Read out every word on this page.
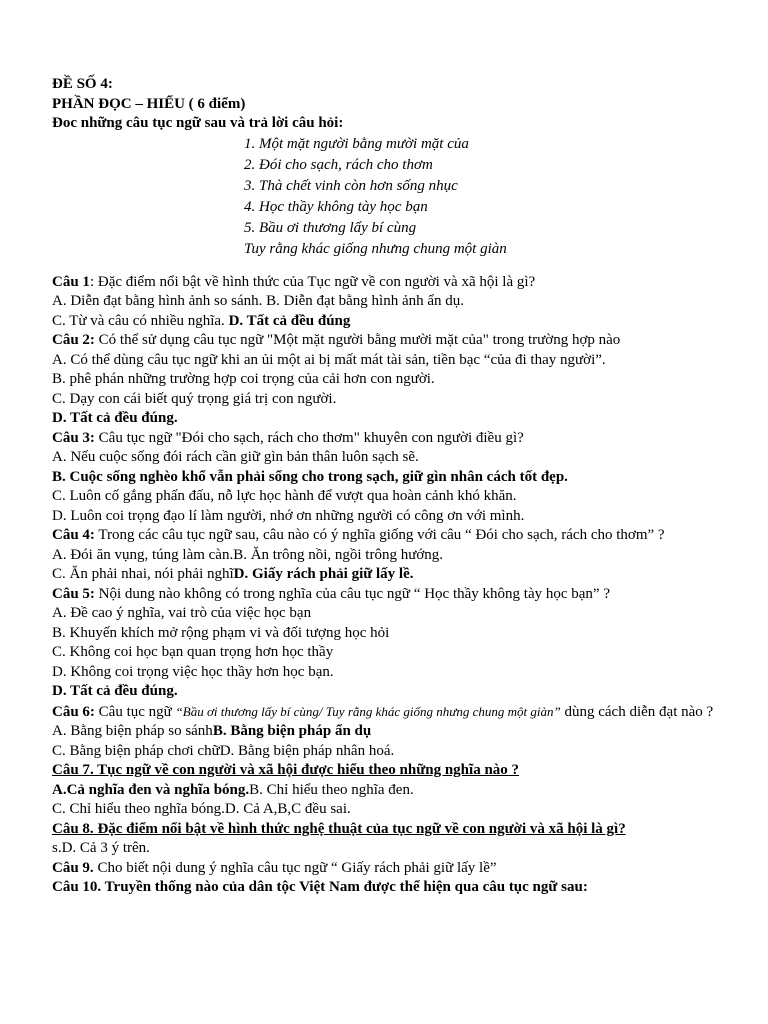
ĐỀ SỐ 4:
PHẦN ĐỌC – HIỂU ( 6 điểm)
Đoc những câu tục ngữ sau và trả lời câu hỏi:
1. Một mặt người bằng mười mặt của
2. Đói cho sạch, rách cho thơm
3. Thà chết vinh còn hơn sống nhục
4. Học thầy không tày học bạn
5. Bầu ơi thương lấy bí cùng
Tuy rằng khác giống nhưng chung một giàn
Câu 1: Đặc điểm nổi bật về hình thức của Tục ngữ về con người và xã hội là gì?
A. Diễn đạt bằng hình ảnh so sánh. B. Diễn đạt bằng hình ảnh ẩn dụ.
C. Từ và câu có nhiều nghĩa. D. Tất cả đều đúng
Câu 2: Có thể sử dụng câu tục ngữ "Một mặt người bằng mười mặt của" trong trường hợp nào
A. Có thể dùng câu tục ngữ khi an ủi một ai bị mất mát tài sản, tiền bạc “của đi thay người”.
B. phê phán những trường hợp coi trọng của cải hơn con người.
C. Dạy con cái biết quý trọng giá trị con người.
D. Tất cả đều đúng.
Câu 3: Câu tục ngữ "Đói cho sạch, rách cho thơm" khuyên con người điều gì?
A. Nếu cuộc sống đói rách cần giữ gìn bản thân luôn sạch sẽ.
B. Cuộc sống nghèo khổ vẫn phải sống cho trong sạch, giữ gìn nhân cách tốt đẹp.
C. Luôn cố gắng phấn đấu, nỗ lực học hành để vượt qua hoàn cảnh khó khăn.
D. Luôn coi trọng đạo lí làm người, nhớ ơn những người có công ơn với mình.
Câu 4: Trong các câu tục ngữ sau, câu nào có ý nghĩa giống với câu “ Đói cho sạch, rách cho thơm” ?
A. Đói ăn vụng, túng làm càn.B. Ăn trông nồi, ngồi trông hướng.
C. Ăn phải nhai, nói phải nghĩD. Giấy rách phải giữ lấy lề.
Câu 5: Nội dung nào không có trong nghĩa của câu tục ngữ “ Học thầy không tày học bạn” ?
A. Đề cao ý nghĩa, vai trò của việc học bạn
B. Khuyến khích mở rộng phạm vi và đối tượng học hỏi
C. Không coi học bạn quan trọng hơn học thầy
D. Không coi trọng việc học thầy hơn học bạn.
D. Tất cả đều đúng.
Câu 6: Câu tục ngữ “Bầu ơi thương lấy bí cùng/ Tuy rằng khác giống nhưng chung một giàn” dùng cách diễn đạt nào ?
A. Bằng biện pháp so sánhB. Bằng biện pháp ẩn dụ
C. Bằng biện pháp chơi chữD. Bằng biện pháp nhân hoá.
Câu 7. Tục ngữ về con người và xã hội được hiểu theo những nghĩa nào ?
A.Cả nghĩa đen và nghĩa bóng.B. Chỉ hiểu theo nghĩa đen.
C. Chỉ hiểu theo nghĩa bóng.D. Cả A,B,C đều sai.
Câu 8. Đặc điểm nổi bật về hình thức nghệ thuật của tục ngữ về con người và xã hội là gì?
s.D. Cả 3 ý trên.
Câu 9. Cho biết nội dung ý nghĩa câu tục ngữ “ Giấy rách phải giữ lấy lề”
Câu 10. Truyền thống nào của dân tộc Việt Nam được thể hiện qua câu tục ngữ sau:
